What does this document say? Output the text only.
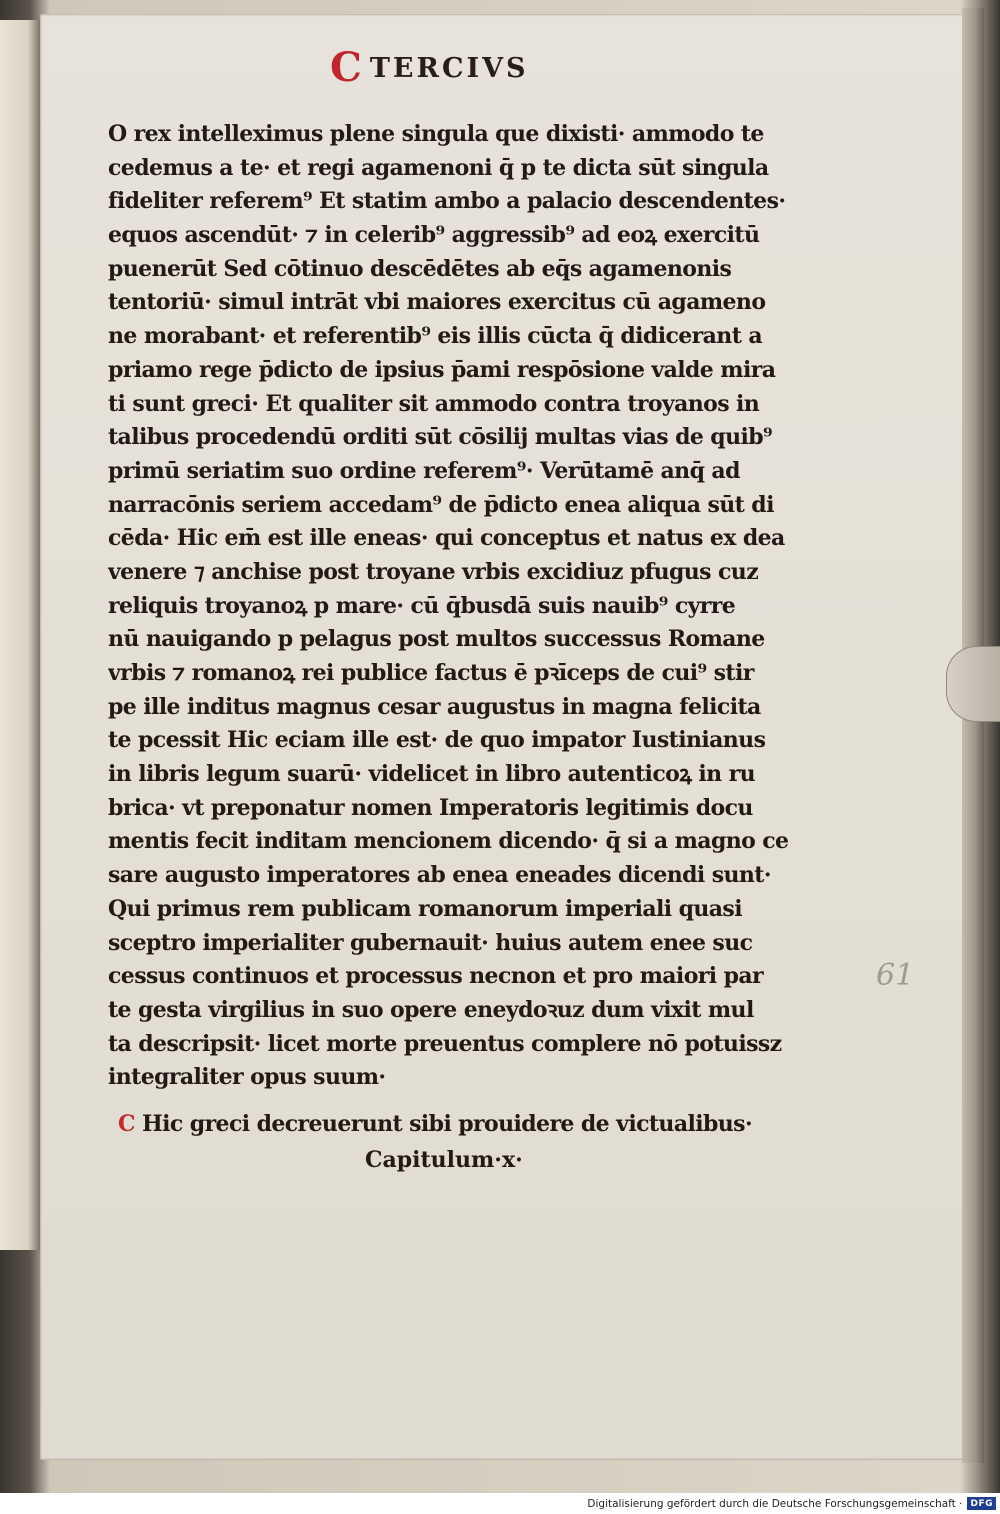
C TERCIVS
O rex intelleximus plene singula que dixisti· ammodo te
cedemus a te· et regi agamenoni q̄ p te dicta sūt singula
fideliter referem⁹ Et statim ambo a palacio descendentes·
equos ascendūt· ⁊ in celerib⁹ aggressib⁹ ad eoꝝ exercitū
puenerūt Sed cōtinuo descēdētes ab eq̄s agamenonis
tentoriū· simul intrāt vbi maiores exercitus cū agameno
ne morabant· et referentib⁹ eis illis cūcta q̄ didicerant a
priamo rege p̄dicto de ipsius p̄ami respōsione valde mira
ti sunt greci· Et qualiter sit ammodo contra troyanos in
talibus procedendū orditi sūt cōsilij multas vias de quib⁹
primū seriatim suo ordine referem⁹· Verūtamē anq̄ ad
narracōnis seriem accedam⁹ de p̄dicto enea aliqua sūt di
cēda· Hic em̄ est ille eneas· qui conceptus et natus ex dea
venere ⁊ anchise post troyane vrbis excidiuz pfugus cuz
reliquis troyanoꝝ p mare· cū q̄busdā suis nauib⁹ cyrre
nū nauigando p pelagus post multos successus Romane
vrbis ⁊ romanoꝝ rei publice factus ē pꝛīceps de cui⁹ stir
pe ille inditus magnus cesar augustus in magna felicita
te pcessit Hic eciam ille est· de quo impator Iustinianus
in libris legum suarū· videlicet in libro autenticoꝝ in ru
brica· vt preponatur nomen Imperatoris legitimis docu
mentis fecit inditam mencionem dicendo· q̄ si a magno ce
sare augusto imperatores ab enea eneades dicendi sunt·
Qui primus rem publicam romanorum imperiali quasi
sceptro imperialiter gubernauit· huius autem enee suc
cessus continuos et processus necnon et pro maiori par
te gesta virgilius in suo opere eneydoꝛuz dum vixit mul
ta descripsit· licet morte preuentus complere nō potuissz
integraliter opus suum·
C Hic greci decreuerunt sibi prouidere de victualibus·
Capitulum·x·
61
Digitalisierung gefördert durch die Deutsche Forschungsgemeinschaft · DFG
